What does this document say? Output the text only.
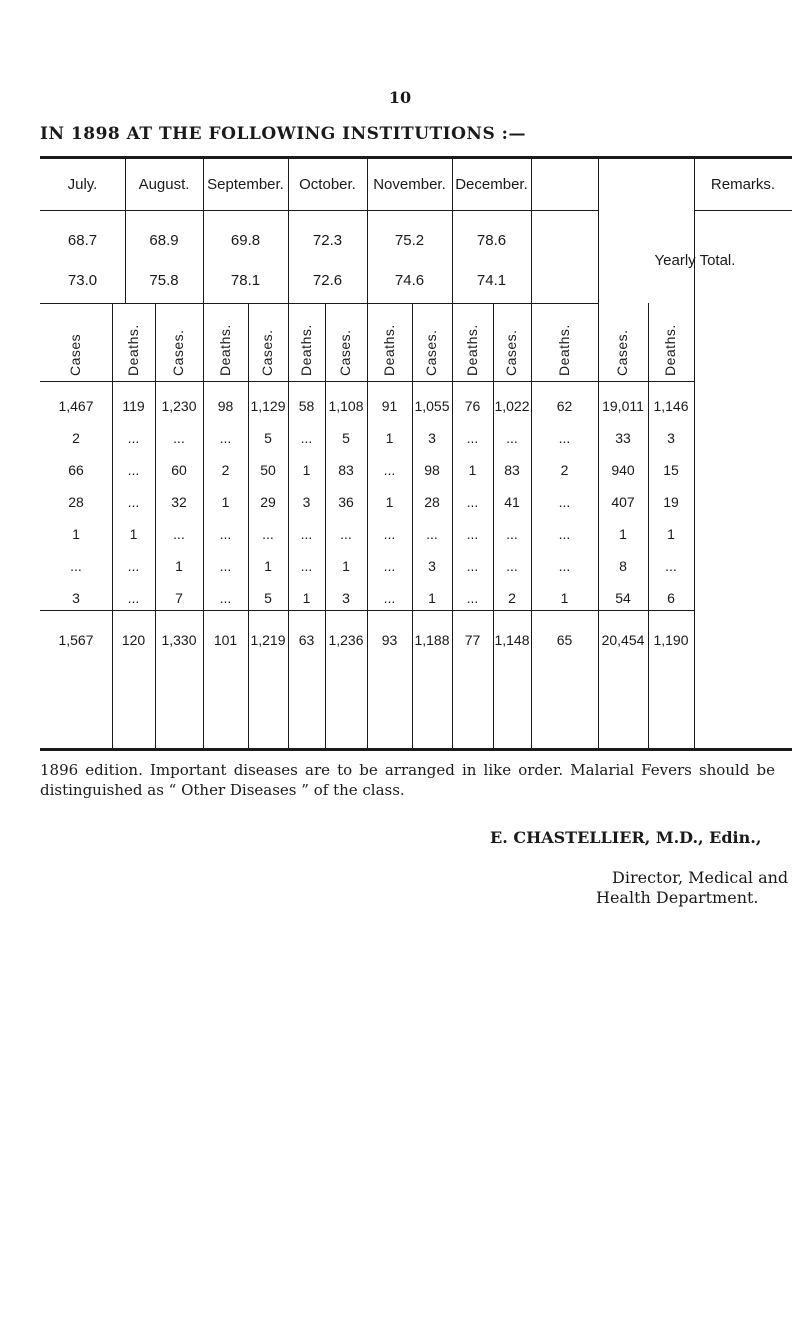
10
IN 1898 AT THE FOLLOWING INSTITUTIONS :—
July.	August.	September.	October.	November. December.	Remarks.
68.7	68.9	69.8	72.3	75.2	78.6
73.0	75.8	78.1	72.6	74.6	74.1
Cases	Deaths. Cases. Deaths. Cases. Deaths. Cases. Deaths. Cases. Deaths. Cases.	Deaths.	Cases. Deaths.
1,467	119	1,230	98	1,129 58	1,108	91	1,055	76	1,022	62	19,011 1,146
2	...	...	...	5	...	5	1	3	...	...	...	33	3
66	...	60	2	50	1	83	...	98	1	83	2	940	15
28	...	32	1	29	3	36	1	28	...	41	...	407	19
1	1	...	...	...	...	...	...	...	...	...	...	1	1
...	...	1	...	1	...	1	...	3	...	...	...	8	...
3	...	7	...	5	1	3	...	1	...	2	1	54	6
1,567	120	1,330	101 1,219 63	1,236	93	1,188	77	1,148	65	20,454 1,190
Yearly Total.
1896 edition. Important diseases are to be arranged in like order. Malarial Fevers should be distinguished as “ Other Diseases ” of the class.
E. CHASTELLIER, M.D., Edin.,
Director, Medical and
Health Department.
